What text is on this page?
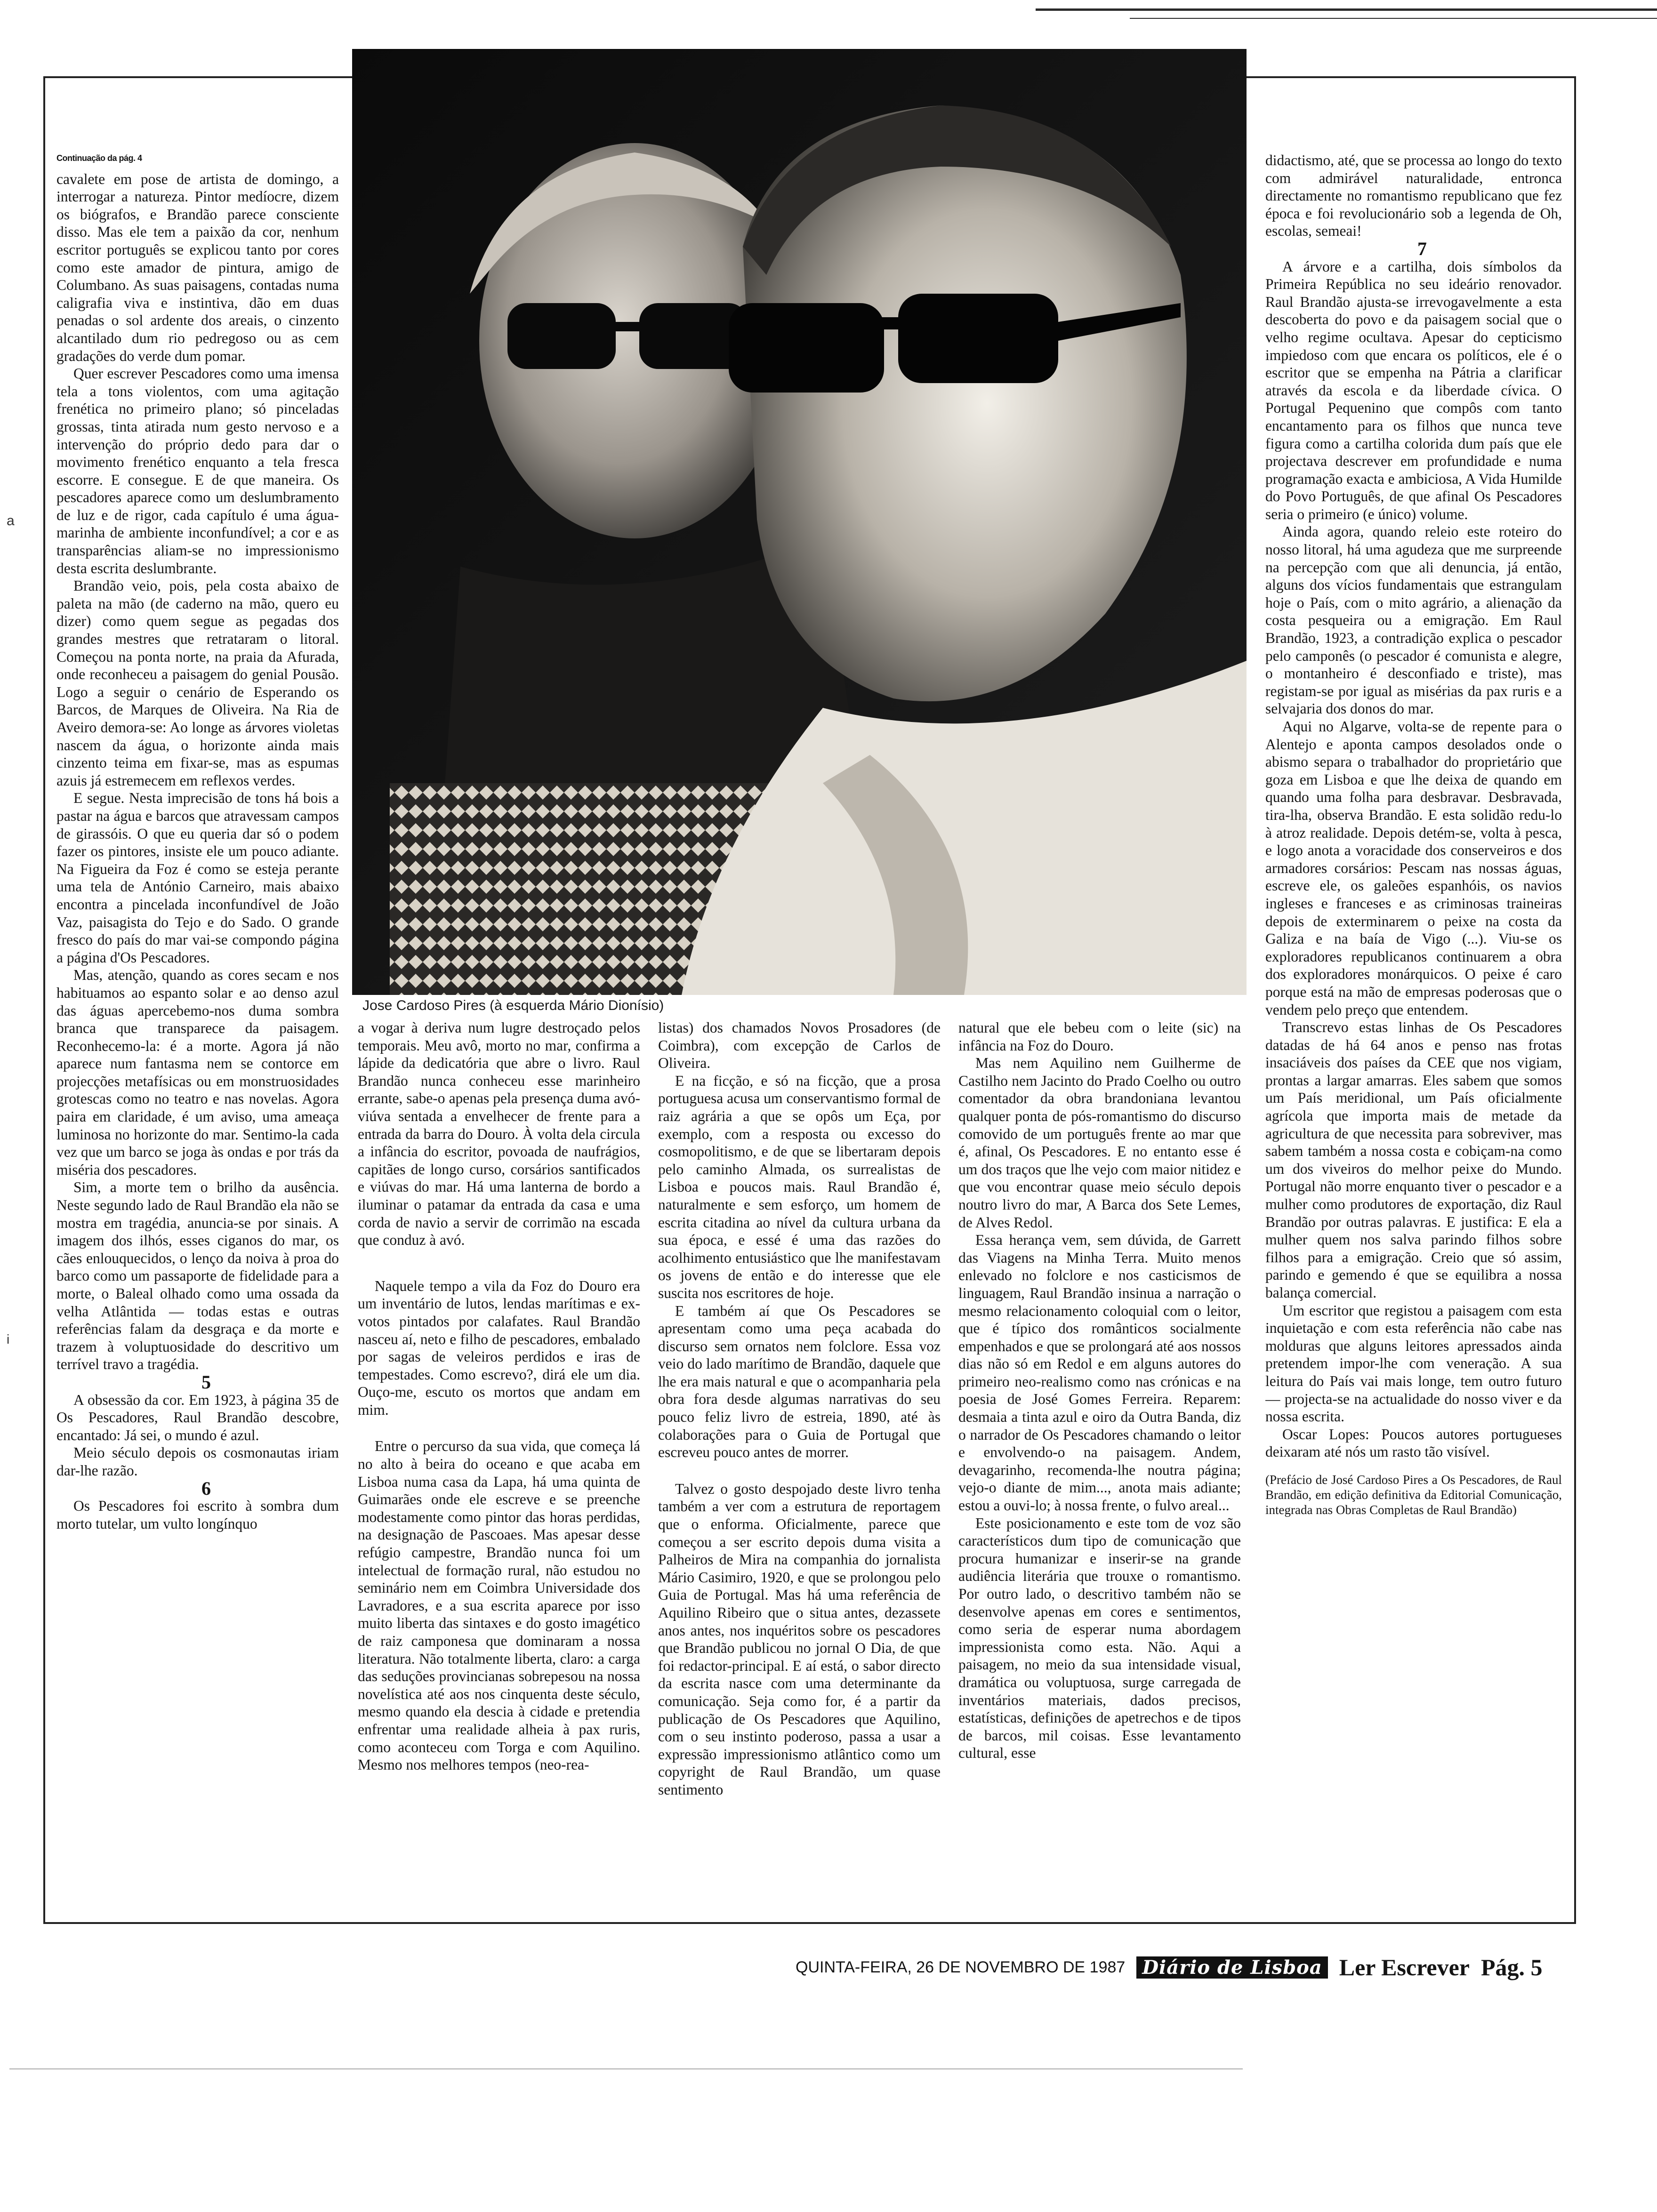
a
i
Continuação da pág. 4

cavalete em pose de artista de domingo, a interrogar a natureza. Pintor medíocre, dizem os biógrafos, e Brandão parece consciente disso. Mas ele tem a paixão da cor, nenhum escritor português se explicou tanto por cores como este amador de pintura, amigo de Columbano. As suas paisagens, contadas numa caligrafia viva e instintiva, dão em duas penadas o sol ardente dos areais, o cinzento alcantilado dum rio pedregoso ou as cem gradações do verde dum pomar.

Quer escrever Pescadores como uma imensa tela a tons violentos, com uma agitação frenética no primeiro plano; só pinceladas grossas, tinta atirada num gesto nervoso e a intervenção do próprio dedo para dar o movimento frenético enquanto a tela fresca escorre. E consegue. E de que maneira. Os pescadores aparece como um deslumbramento de luz e de rigor, cada capítulo é uma água-marinha de ambiente inconfundível; a cor e as transparências aliam-se no impressionismo desta escrita deslumbrante.

Brandão veio, pois, pela costa abaixo de paleta na mão (de caderno na mão, quero eu dizer) como quem segue as pegadas dos grandes mestres que retrataram o litoral. Começou na ponta norte, na praia da Afurada, onde reconheceu a paisagem do genial Pousão. Logo a seguir o cenário de Esperando os Barcos, de Marques de Oliveira. Na Ria de Aveiro demora-se: Ao longe as árvores violetas nascem da água, o horizonte ainda mais cinzento teima em fixar-se, mas as espumas azuis já estremecem em reflexos verdes.

E segue. Nesta imprecisão de tons há bois a pastar na água e barcos que atravessam campos de girassóis. O que eu queria dar só o podem fazer os pintores, insiste ele um pouco adiante. Na Figueira da Foz é como se esteja perante uma tela de António Carneiro, mais abaixo encontra a pincelada inconfundível de João Vaz, paisagista do Tejo e do Sado. O grande fresco do país do mar vai-se compondo página a página d'Os Pescadores.

Mas, atenção, quando as cores secam e nos habituamos ao espanto solar e ao denso azul das águas apercebemo-nos duma sombra branca que transparece da paisagem. Reconhecemo-la: é a morte. Agora já não aparece num fantasma nem se contorce em projecções metafísicas ou em monstruosidades grotescas como no teatro e nas novelas. Agora paira em claridade, é um aviso, uma ameaça luminosa no horizonte do mar. Sentimo-la cada vez que um barco se joga às ondas e por trás da miséria dos pescadores.

Sim, a morte tem o brilho da ausência. Neste segundo lado de Raul Brandão ela não se mostra em tragédia, anuncia-se por sinais. A imagem dos ilhós, esses ciganos do mar, os cães enlouquecidos, o lenço da noiva à proa do barco como um passaporte de fidelidade para a morte, o Baleal olhado como uma ossada da velha Atlântida — todas estas e outras referências falam da desgraça e da morte e trazem à voluptuosidade do descritivo um terrível travo a tragédia.

5

A obsessão da cor. Em 1923, à página 35 de Os Pescadores, Raul Brandão descobre, encantado: Já sei, o mundo é azul.

Meio século depois os cosmonautas iriam dar-lhe razão.

6

Os Pescadores foi escrito à sombra dum morto tutelar, um vulto longínquo

Jose Cardoso Pires (à esquerda Mário Dionísio)

a vogar à deriva num lugre destroçado pelos temporais. Meu avô, morto no mar, confirma a lápide da dedicatória que abre o livro. Raul Brandão nunca conheceu esse marinheiro errante, sabe-o apenas pela presença duma avó-viúva sentada a envelhecer de frente para a entrada da barra do Douro. À volta dela circula a infância do escritor, povoada de naufrágios, capitães de longo curso, corsários santificados e viúvas do mar. Há uma lanterna de bordo a iluminar o patamar da entrada da casa e uma corda de navio a servir de corrimão na escada que conduz à avó.

Naquele tempo a vila da Foz do Douro era um inventário de lutos, lendas marítimas e ex-votos pintados por calafates. Raul Brandão nasceu aí, neto e filho de pescadores, embalado por sagas de veleiros perdidos e iras de tempestades. Como escrevo?, dirá ele um dia. Ouço-me, escuto os mortos que andam em mim.

Entre o percurso da sua vida, que começa lá no alto à beira do oceano e que acaba em Lisboa numa casa da Lapa, há uma quinta de Guimarães onde ele escreve e se preenche modestamente como pintor das horas perdidas, na designação de Pascoaes. Mas apesar desse refúgio campestre, Brandão nunca foi um intelectual de formação rural, não estudou no seminário nem em Coimbra Universidade dos Lavradores, e a sua escrita aparece por isso muito liberta das sintaxes e do gosto imagético de raiz camponesa que dominaram a nossa literatura. Não totalmente liberta, claro: a carga das seduções provincianas sobrepesou na nossa novelística até aos nos cinquenta deste século, mesmo quando ela descia à cidade e pretendia enfrentar uma realidade alheia à pax ruris, como aconteceu com Torga e com Aquilino. Mesmo nos melhores tempos (neo-rea-

listas) dos chamados Novos Prosadores (de Coimbra), com excepção de Carlos de Oliveira.

E na ficção, e só na ficção, que a prosa portuguesa acusa um conservantismo formal de raiz agrária a que se opôs um Eça, por exemplo, com a resposta ou excesso do cosmopolitismo, e de que se libertaram depois pelo caminho Almada, os surrealistas de Lisboa e poucos mais. Raul Brandão é, naturalmente e sem esforço, um homem de escrita citadina ao nível da cultura urbana da sua época, e essé é uma das razões do acolhimento entusiástico que lhe manifestavam os jovens de então e do interesse que ele suscita nos escritores de hoje.

E também aí que Os Pescadores se apresentam como uma peça acabada do discurso sem ornatos nem folclore. Essa voz veio do lado marítimo de Brandão, daquele que lhe era mais natural e que o acompanharia pela obra fora desde algumas narrativas do seu pouco feliz livro de estreia, 1890, até às colaborações para o Guia de Portugal que escreveu pouco antes de morrer.

Talvez o gosto despojado deste livro tenha também a ver com a estrutura de reportagem que o enforma. Oficialmente, parece que começou a ser escrito depois duma visita a Palheiros de Mira na companhia do jornalista Mário Casimiro, 1920, e que se prolongou pelo Guia de Portugal. Mas há uma referência de Aquilino Ribeiro que o situa antes, dezassete anos antes, nos inquéritos sobre os pescadores que Brandão publicou no jornal O Dia, de que foi redactor-principal. E aí está, o sabor directo da escrita nasce com uma determinante da comunicação. Seja como for, é a partir da publicação de Os Pescadores que Aquilino, com o seu instinto poderoso, passa a usar a expressão impressionismo atlântico como um copyright de Raul Brandão, um quase sentimento

natural que ele bebeu com o leite (sic) na infância na Foz do Douro.

Mas nem Aquilino nem Guilherme de Castilho nem Jacinto do Prado Coelho ou outro comentador da obra brandoniana levantou qualquer ponta de pós-romantismo do discurso comovido de um português frente ao mar que é, afinal, Os Pescadores. E no entanto esse é um dos traços que lhe vejo com maior nitidez e que vou encontrar quase meio século depois noutro livro do mar, A Barca dos Sete Lemes, de Alves Redol.

Essa herança vem, sem dúvida, de Garrett das Viagens na Minha Terra. Muito menos enlevado no folclore e nos casticismos de linguagem, Raul Brandão insinua a narração o mesmo relacionamento coloquial com o leitor, que é típico dos românticos socialmente empenhados e que se prolongará até aos nossos dias não só em Redol e em alguns autores do primeiro neo-realismo como nas crónicas e na poesia de José Gomes Ferreira. Reparem: desmaia a tinta azul e oiro da Outra Banda, diz o narrador de Os Pescadores chamando o leitor e envolvendo-o na paisagem. Andem, devagarinho, recomenda-lhe noutra página; vejo-o diante de mim..., anota mais adiante; estou a ouvi-lo; à nossa frente, o fulvo areal...

Este posicionamento e este tom de voz são característicos dum tipo de comunicação que procura humanizar e inserir-se na grande audiência literária que trouxe o romantismo. Por outro lado, o descritivo também não se desenvolve apenas em cores e sentimentos, como seria de esperar numa abordagem impressionista como esta. Não. Aqui a paisagem, no meio da sua intensidade visual, dramática ou voluptuosa, surge carregada de inventários materiais, dados precisos, estatísticas, definições de apetrechos e de tipos de barcos, mil coisas. Esse levantamento cultural, esse

didactismo, até, que se processa ao longo do texto com admirável naturalidade, entronca directamente no romantismo republicano que fez época e foi revolucionário sob a legenda de Oh, escolas, semeai!

7

A árvore e a cartilha, dois símbolos da Primeira República no seu ideário renovador. Raul Brandão ajusta-se irrevogavelmente a esta descoberta do povo e da paisagem social que o velho regime ocultava. Apesar do cepticismo impiedoso com que encara os políticos, ele é o escritor que se empenha na Pátria a clarificar através da escola e da liberdade cívica. O Portugal Pequenino que compôs com tanto encantamento para os filhos que nunca teve figura como a cartilha colorida dum país que ele projectava descrever em profundidade e numa programação exacta e ambiciosa, A Vida Humilde do Povo Português, de que afinal Os Pescadores seria o primeiro (e único) volume.

Ainda agora, quando releio este roteiro do nosso litoral, há uma agudeza que me surpreende na percepção com que ali denuncia, já então, alguns dos vícios fundamentais que estrangulam hoje o País, com o mito agrário, a alienação da costa pesqueira ou a emigração. Em Raul Brandão, 1923, a contradição explica o pescador pelo camponês (o pescador é comunista e alegre, o montanheiro é desconfiado e triste), mas registam-se por igual as misérias da pax ruris e a selvajaria dos donos do mar.

Aqui no Algarve, volta-se de repente para o Alentejo e aponta campos desolados onde o abismo separa o trabalhador do proprietário que goza em Lisboa e que lhe deixa de quando em quando uma folha para desbravar. Desbravada, tira-lha, observa Brandão. E esta solidão redu-lo à atroz realidade. Depois detém-se, volta à pesca, e logo anota a voracidade dos conserveiros e dos armadores corsários: Pescam nas nossas águas, escreve ele, os galeões espanhóis, os navios ingleses e franceses e as criminosas traineiras depois de exterminarem o peixe na costa da Galiza e na baía de Vigo (...). Viu-se os exploradores republicanos continuarem a obra dos exploradores monárquicos. O peixe é caro porque está na mão de empresas poderosas que o vendem pelo preço que entendem.

Transcrevo estas linhas de Os Pescadores datadas de há 64 anos e penso nas frotas insaciáveis dos países da CEE que nos vigiam, prontas a largar amarras. Eles sabem que somos um País meridional, um País oficialmente agrícola que importa mais de metade da agricultura de que necessita para sobreviver, mas sabem também a nossa costa e cobiçam-na como um dos viveiros do melhor peixe do Mundo. Portugal não morre enquanto tiver o pescador e a mulher como produtores de exportação, diz Raul Brandão por outras palavras. E justifica: E ela a mulher quem nos salva parindo filhos sobre filhos para a emigração. Creio que só assim, parindo e gemendo é que se equilibra a nossa balança comercial.

Um escritor que registou a paisagem com esta inquietação e com esta referência não cabe nas molduras que alguns leitores apressados ainda pretendem impor-lhe com veneração. A sua leitura do País vai mais longe, tem outro futuro — projecta-se na actualidade do nosso viver e da nossa escrita.

Oscar Lopes: Poucos autores portugueses deixaram até nós um rasto tão visível.

(Prefácio de José Cardoso Pires a Os Pescadores, de Raul Brandão, em edição definitiva da Editorial Comunicação, integrada nas Obras Completas de Raul Brandão)

QUINTA-FEIRA, 26 DE NOVEMBRO DE 1987 Diário de Lisboa Ler Escrever Pág. 5
